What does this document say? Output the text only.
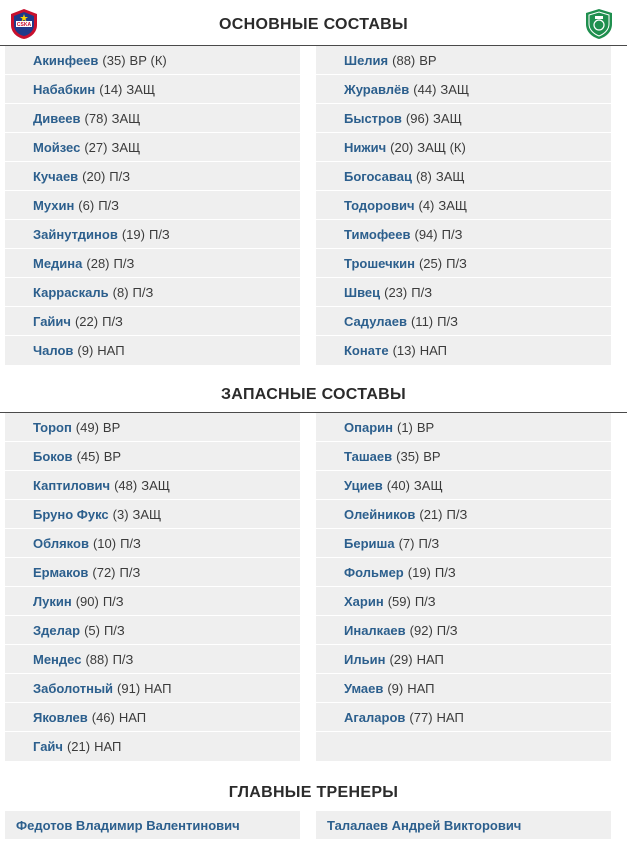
CSKA	ОСНОВНЫЕ СОСТАВЫ
Акинфеев (35) ВР (К)
Набабкин (14) ЗАЩ
Дивеев (78) ЗАЩ
Мойзес (27) ЗАЩ
Кучаев (20) П/З
Мухин (6) П/З
Зайнутдинов (19) П/З
Медина (28) П/З
Карраскаль (8) П/З
Гайич (22) П/З
Чалов (9) НАП
Шелия (88) ВР
Журавлёв (44) ЗАЩ
Быстров (96) ЗАЩ
Нижич (20) ЗАЩ (К)
Богосавац (8) ЗАЩ
Тодорович (4) ЗАЩ
Тимофеев (94) П/З
Трошечкин (25) П/З
Швец (23) П/З
Садулаев (11) П/З
Конате (13) НАП
ЗАПАСНЫЕ СОСТАВЫ
Тороп (49) ВР
Боков (45) ВР
Каптилович (48) ЗАЩ
Бруно Фукс (3) ЗАЩ
Обляков (10) П/З
Ермаков (72) П/З
Лукин (90) П/З
Зделар (5) П/З
Мендес (88) П/З
Заболотный (91) НАП
Яковлев (46) НАП
Гайч (21) НАП
Опарин (1) ВР
Ташаев (35) ВР
Уциев (40) ЗАЩ
Олейников (21) П/З
Бериша (7) П/З
Фольмер (19) П/З
Харин (59) П/З
Иналкаев (92) П/З
Ильин (29) НАП
Умаев (9) НАП
Агаларов (77) НАП
ГЛАВНЫЕ ТРЕНЕРЫ
Федотов Владимир Валентинович	Талалаев Андрей Викторович
